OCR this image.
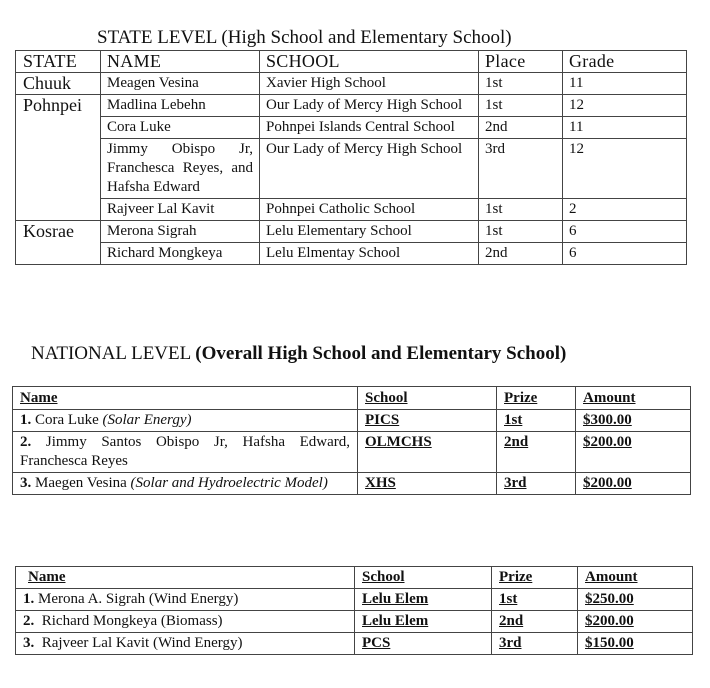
STATE LEVEL (High School and Elementary School)
STATE	NAME	SCHOOL	Place	Grade
Chuuk	Meagen Vesina	Xavier High School	1st	11
Pohnpei	Madlina Lebehn	Our Lady of Mercy High School	1st	12
	Cora Luke	Pohnpei Islands Central School	2nd	11
	Jimmy Obispo Jr, Franchesca Reyes, and Hafsha Edward	Our Lady of Mercy High School	3rd	12
	Rajveer Lal Kavit	Pohnpei Catholic School	1st	2
Kosrae	Merona Sigrah	Lelu Elementary School	1st	6
	Richard Mongkeya	Lelu Elmentay School	2nd	6
NATIONAL LEVEL (Overall High School and Elementary School)
Name	School	Prize	Amount
1. Cora Luke (Solar Energy)	PICS	1st	$300.00
2. Jimmy Santos Obispo Jr, Hafsha Edward, Franchesca Reyes	OLMCHS	2nd	$200.00
3. Maegen Vesina (Solar and Hydroelectric Model)	XHS	3rd	$200.00
Name	School	Prize	Amount
1. Merona A. Sigrah (Wind Energy)	Lelu Elem	1st	$250.00
2. Richard Mongkeya (Biomass)	Lelu Elem	2nd	$200.00
3. Rajveer Lal Kavit (Wind Energy)	PCS	3rd	$150.00
